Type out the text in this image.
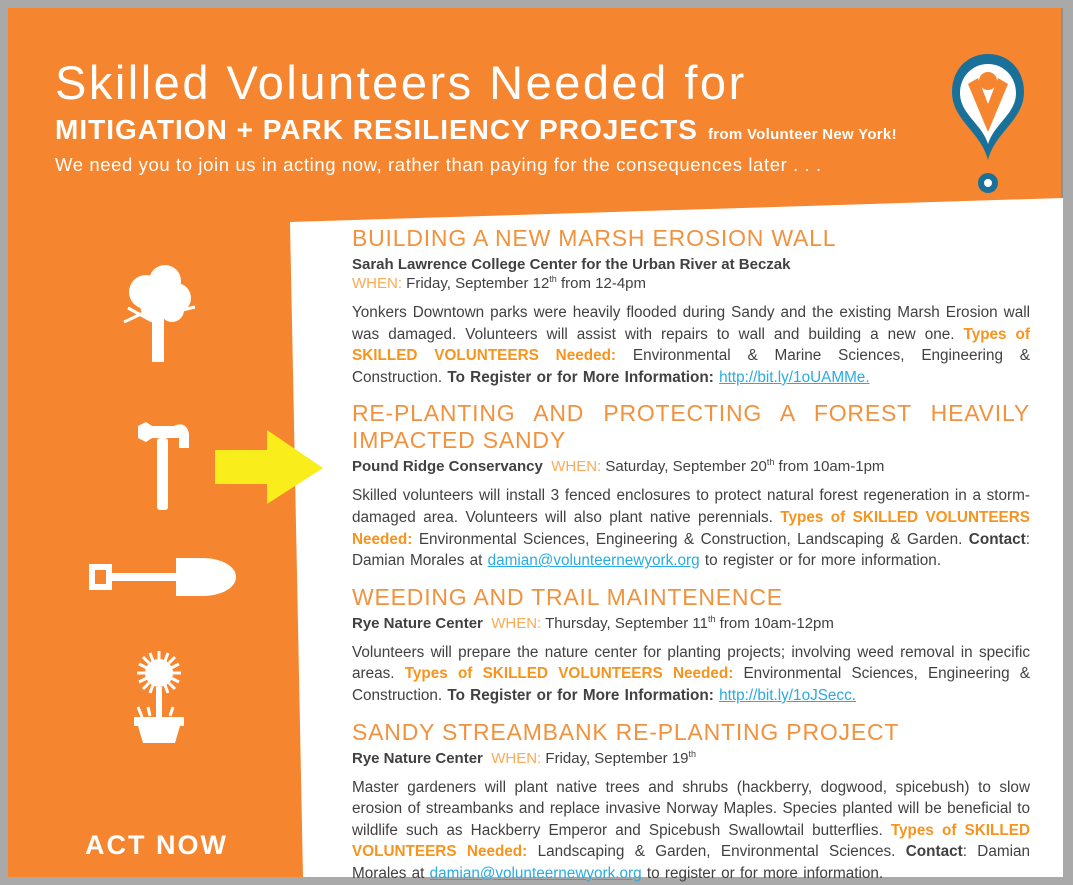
Skilled Volunteers Needed for
MITIGATION + PARK RESILIENCY PROJECTS from Volunteer New York!
We need you to join us in acting now, rather than paying for the consequences later . . .
ACT NOW
BUILDING A NEW MARSH EROSION WALL
Sarah Lawrence College Center for the Urban River at Beczak
WHEN: Friday, September 12th from 12-4pm

Yonkers Downtown parks were heavily flooded during Sandy and the existing Marsh Erosion wall was damaged. Volunteers will assist with repairs to wall and building a new one. Types of SKILLED VOLUNTEERS Needed: Environmental & Marine Sciences, Engineering & Construction. To Register or for More Information: http://bit.ly/1oUAMMe.

RE-PLANTING AND PROTECTING A FOREST HEAVILY IMPACTED SANDY
Pound Ridge Conservancy WHEN: Saturday, September 20th from 10am-1pm

Skilled volunteers will install 3 fenced enclosures to protect natural forest regeneration in a storm-damaged area. Volunteers will also plant native perennials. Types of SKILLED VOLUNTEERS Needed: Environmental Sciences, Engineering & Construction, Landscaping & Garden. Contact: Damian Morales at damian@volunteernewyork.org to register or for more information.

WEEDING AND TRAIL MAINTENENCE
Rye Nature Center WHEN: Thursday, September 11th from 10am-12pm

Volunteers will prepare the nature center for planting projects; involving weed removal in specific areas. Types of SKILLED VOLUNTEERS Needed: Environmental Sciences, Engineering & Construction. To Register or for More Information: http://bit.ly/1oJSecc.

SANDY STREAMBANK RE-PLANTING PROJECT
Rye Nature Center WHEN: Friday, September 19th

Master gardeners will plant native trees and shrubs (hackberry, dogwood, spicebush) to slow erosion of streambanks and replace invasive Norway Maples. Species planted will be beneficial to wildlife such as Hackberry Emperor and Spicebush Swallowtail butterflies. Types of SKILLED VOLUNTEERS Needed: Landscaping & Garden, Environmental Sciences. Contact: Damian Morales at damian@volunteernewyork.org to register or for more information.
